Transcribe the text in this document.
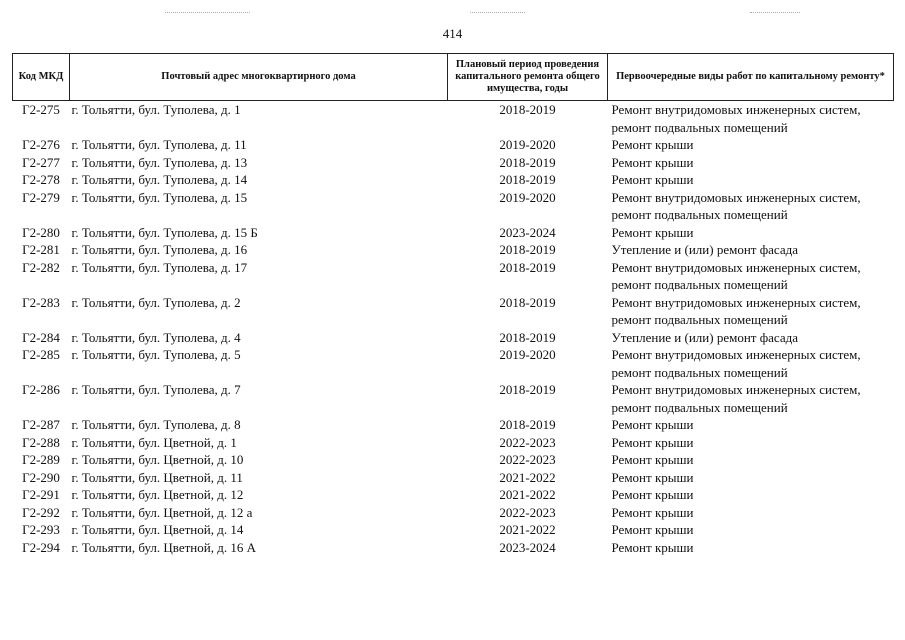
414
Код МКД	Почтовый адрес многоквартирного дома	Плановый период проведения капитального ремонта общего имущества, годы	Первоочередные виды работ по капитальному ремонту*
Г2-275	г. Тольятти, бул. Туполева, д. 1	2018-2019	Ремонт внутридомовых инженерных систем, ремонт подвальных помещений
Г2-276	г. Тольятти, бул. Туполева, д. 11	2019-2020	Ремонт крыши
Г2-277	г. Тольятти, бул. Туполева, д. 13	2018-2019	Ремонт крыши
Г2-278	г. Тольятти, бул. Туполева, д. 14	2018-2019	Ремонт крыши
Г2-279	г. Тольятти, бул. Туполева, д. 15	2019-2020	Ремонт внутридомовых инженерных систем, ремонт подвальных помещений
Г2-280	г. Тольятти, бул. Туполева, д. 15 Б	2023-2024	Ремонт крыши
Г2-281	г. Тольятти, бул. Туполева, д. 16	2018-2019	Утепление и (или) ремонт фасада
Г2-282	г. Тольятти, бул. Туполева, д. 17	2018-2019	Ремонт внутридомовых инженерных систем, ремонт подвальных помещений
Г2-283	г. Тольятти, бул. Туполева, д. 2	2018-2019	Ремонт внутридомовых инженерных систем, ремонт подвальных помещений
Г2-284	г. Тольятти, бул. Туполева, д. 4	2018-2019	Утепление и (или) ремонт фасада
Г2-285	г. Тольятти, бул. Туполева, д. 5	2019-2020	Ремонт внутридомовых инженерных систем, ремонт подвальных помещений
Г2-286	г. Тольятти, бул. Туполева, д. 7	2018-2019	Ремонт внутридомовых инженерных систем, ремонт подвальных помещений
Г2-287	г. Тольятти, бул. Туполева, д. 8	2018-2019	Ремонт крыши
Г2-288	г. Тольятти, бул. Цветной, д. 1	2022-2023	Ремонт крыши
Г2-289	г. Тольятти, бул. Цветной, д. 10	2022-2023	Ремонт крыши
Г2-290	г. Тольятти, бул. Цветной, д. 11	2021-2022	Ремонт крыши
Г2-291	г. Тольятти, бул. Цветной, д. 12	2021-2022	Ремонт крыши
Г2-292	г. Тольятти, бул. Цветной, д. 12 а	2022-2023	Ремонт крыши
Г2-293	г. Тольятти, бул. Цветной, д. 14	2021-2022	Ремонт крыши
Г2-294	г. Тольятти, бул. Цветной, д. 16 А	2023-2024	Ремонт крыши
